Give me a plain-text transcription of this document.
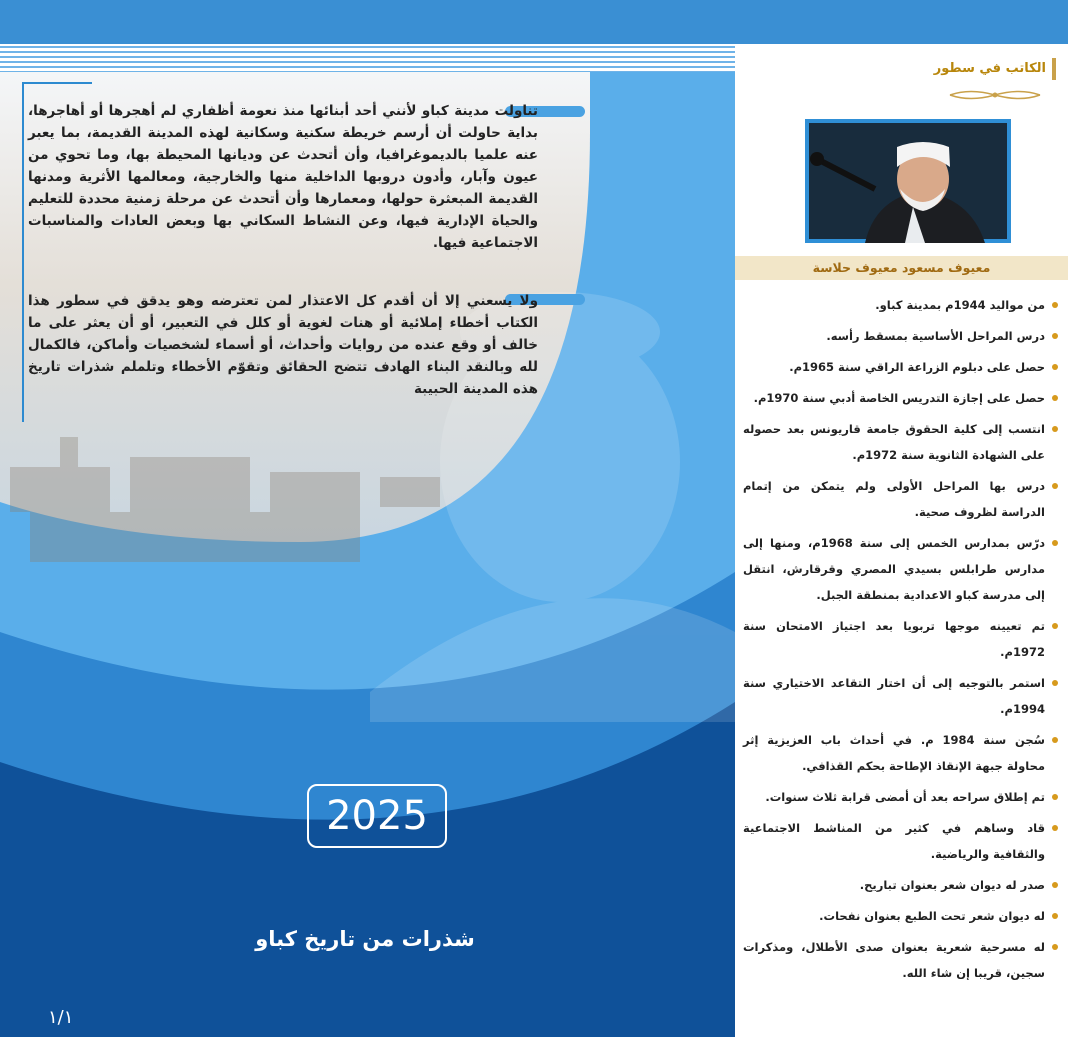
تناولت مدينة كباو لأنني أحد أبنائها منذ نعومة أظفاري لم أهجرها أو أهاجرها، بداية حاولت أن أرسم خريطة سكنية وسكانية لهذه المدينة القديمة، بما يعبر عنه علميا بالديموغرافيا، وأن أتحدث عن وديانها المحيطة بها، وما تحوي من عيون وآبار، وأدون دروبها الداخلية منها والخارجية، ومعالمها الأثرية ومدنها القديمة المبعثرة حولها، ومعمارها وأن أتحدث عن مرحلة زمنية محددة للتعليم والحياة الإدارية فيها، وعن النشاط السكاني بها وبعض العادات والمناسبات الاجتماعية فيها.
ولا يسعني إلا أن أقدم كل الاعتذار لمن تعترضه وهو يدقق في سطور هذا الكتاب أخطاء إملائية أو هنات لغوية أو كلل في التعبير، أو أن يعثر على ما خالف أو وقع عنده من روايات وأحداث، أو أسماء لشخصيات وأماكن، فالكمال لله وبالنقد البناء الهادف تتضح الحقائق وتقوّم الأخطاء وتلملم شذرات تاريخ هذه المدينة الحبيبة
2025
شذرات من تاريخ كباو
١/١
الكاتب في سطور
معيوف مسعود معيوف حلاسة
من مواليد 1944م بمدينة كباو.
درس المراحل الأساسية بمسقط رأسه.
حصل على دبلوم الزراعة الراقي سنة 1965م.
حصل على إجازة التدريس الخاصة أدبي سنة 1970م.
انتسب إلى كلية الحقوق جامعة قاريونس بعد حصوله على الشهادة الثانوية سنة 1972م.
درس بها المراحل الأولى ولم يتمكن من إتمام الدراسة لظروف صحية.
درّس بمدارس الخمس إلى سنة 1968م، ومنها إلى مدارس طرابلس بسيدي المصري وقرقارش، انتقل إلى مدرسة كباو الاعدادية بمنطقة الجبل.
تم تعيينه موجها تربويا بعد اجتياز الامتحان سنة 1972م.
استمر بالتوجيه إلى أن اختار التقاعد الاختياري سنة 1994م.
سُجن سنة 1984 م. في أحداث باب العزيزية إثر محاولة جبهة الإنقاذ الإطاحة بحكم القذافي.
تم إطلاق سراحه بعد أن أمضى قرابة ثلاث سنوات.
قاد وساهم في كثير من المناشط الاجتماعية والثقافية والرياضية.
صدر له ديوان شعر بعنوان تباريح.
له ديوان شعر تحت الطبع بعنوان نفحات.
له مسرحية شعرية بعنوان صدى الأطلال، ومذكرات سجين، قريبا إن شاء الله.
